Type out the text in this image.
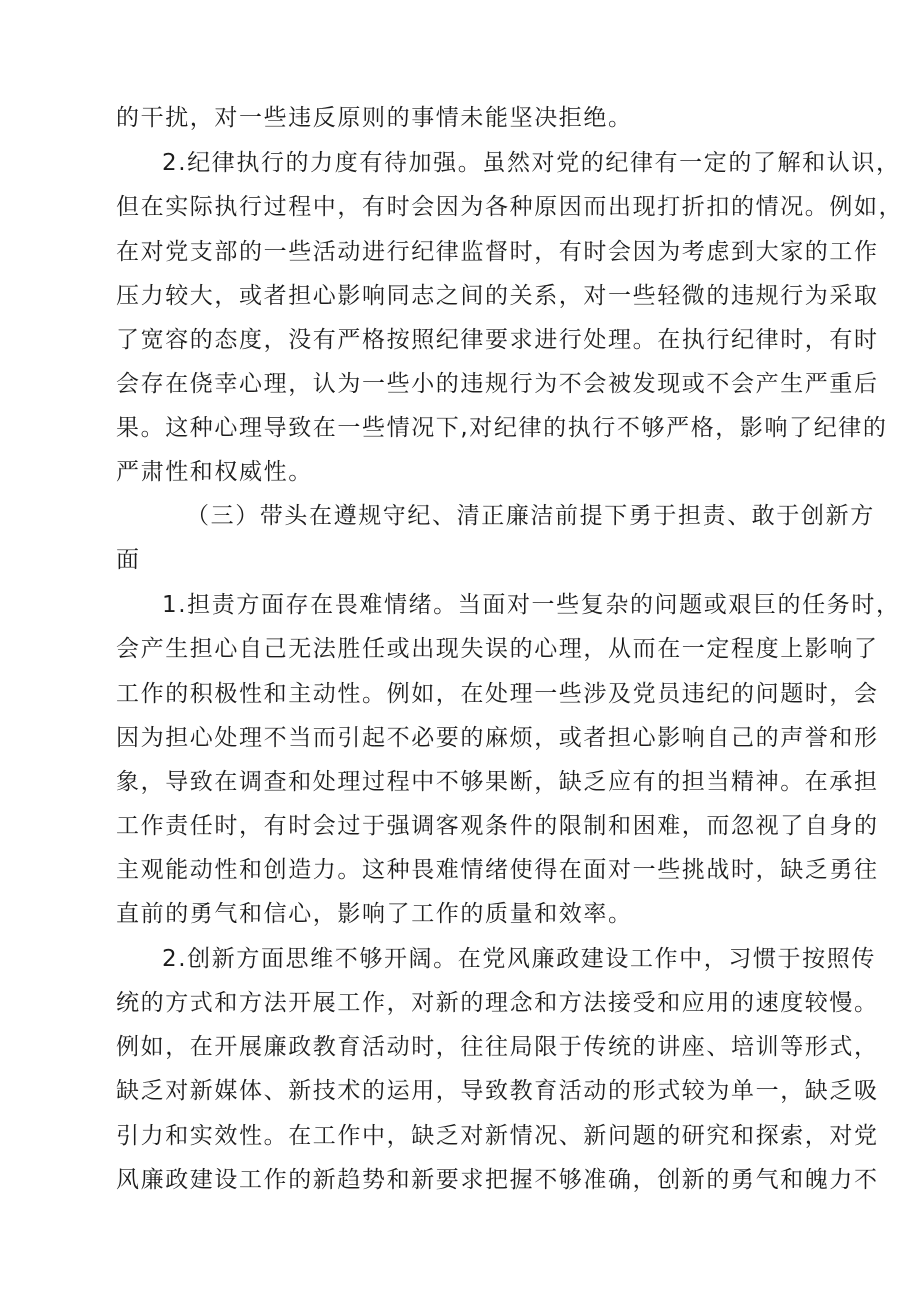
的干扰，对一些违反原则的事情未能坚决拒绝。
2.纪律执行的力度有待加强。虽然对党的纪律有一定的了解和认识，
但在实际执行过程中，有时会因为各种原因而出现打折扣的情况。例如，
在对党支部的一些活动进行纪律监督时，有时会因为考虑到大家的工作
压力较大，或者担心影响同志之间的关系，对一些轻微的违规行为采取
了宽容的态度，没有严格按照纪律要求进行处理。在执行纪律时，有时
会存在侥幸心理，认为一些小的违规行为不会被发现或不会产生严重后
果。这种心理导致在一些情况下,对纪律的执行不够严格，影响了纪律的
严肃性和权威性。
（三）带头在遵规守纪、清正廉洁前提下勇于担责、敢于创新方
面
1.担责方面存在畏难情绪。当面对一些复杂的问题或艰巨的任务时，
会产生担心自己无法胜任或出现失误的心理，从而在一定程度上影响了
工作的积极性和主动性。例如，在处理一些涉及党员违纪的问题时，会
因为担心处理不当而引起不必要的麻烦，或者担心影响自己的声誉和形
象，导致在调查和处理过程中不够果断，缺乏应有的担当精神。在承担
工作责任时，有时会过于强调客观条件的限制和困难，而忽视了自身的
主观能动性和创造力。这种畏难情绪使得在面对一些挑战时，缺乏勇往
直前的勇气和信心，影响了工作的质量和效率。
2.创新方面思维不够开阔。在党风廉政建设工作中，习惯于按照传
统的方式和方法开展工作，对新的理念和方法接受和应用的速度较慢。
例如，在开展廉政教育活动时，往往局限于传统的讲座、培训等形式，
缺乏对新媒体、新技术的运用，导致教育活动的形式较为单一，缺乏吸
引力和实效性。在工作中，缺乏对新情况、新问题的研究和探索，对党
风廉政建设工作的新趋势和新要求把握不够准确，创新的勇气和魄力不
